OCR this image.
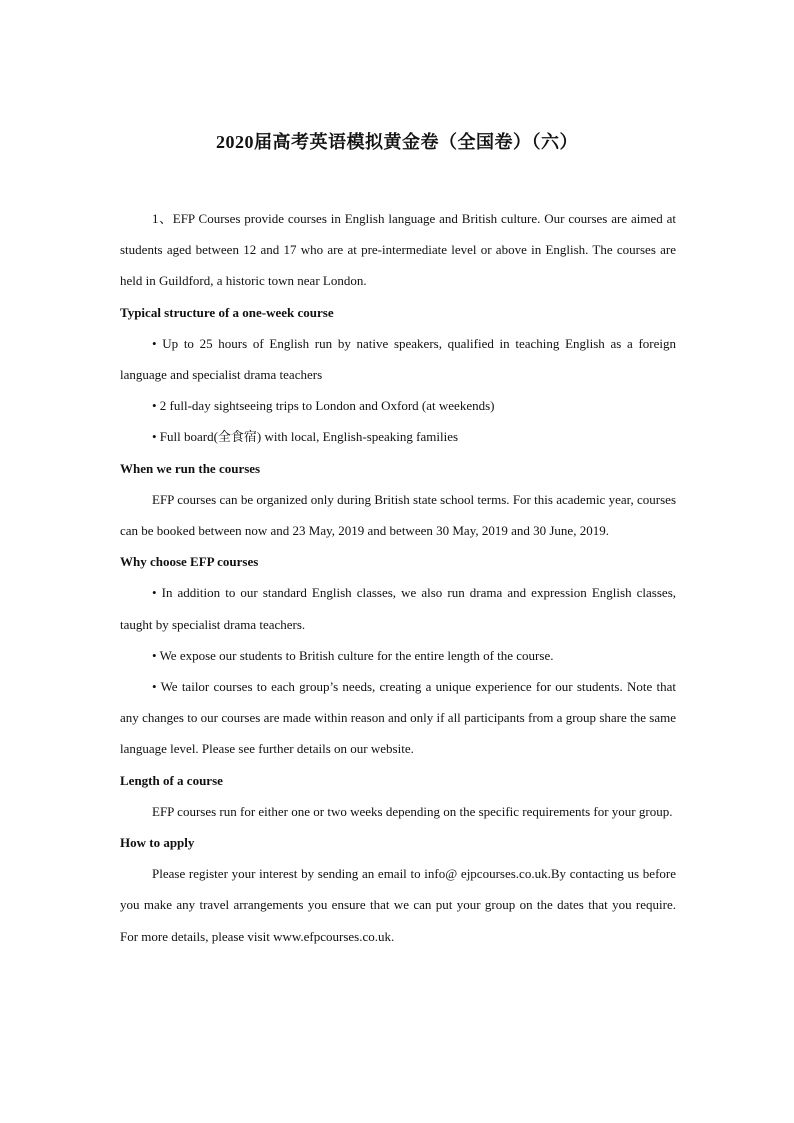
2020届高考英语模拟黄金卷（全国卷）（六）

1、EFP Courses provide courses in English language and British culture. Our courses are aimed at students aged between 12 and 17 who are at pre-intermediate level or above in English. The courses are held in Guildford, a historic town near London.

Typical structure of a one-week course

• Up to 25 hours of English run by native speakers, qualified in teaching English as a foreign language and specialist drama teachers

• 2 full-day sightseeing trips to London and Oxford (at weekends)

• Full board(全食宿) with local, English-speaking families

When we run the courses

EFP courses can be organized only during British state school terms. For this academic year, courses can be booked between now and 23 May, 2019 and between 30 May, 2019 and 30 June, 2019.

Why choose EFP courses

• In addition to our standard English classes, we also run drama and expression English classes, taught by specialist drama teachers.

• We expose our students to British culture for the entire length of the course.

• We tailor courses to each group’s needs, creating a unique experience for our students. Note that any changes to our courses are made within reason and only if all participants from a group share the same language level. Please see further details on our website.

Length of a course

EFP courses run for either one or two weeks depending on the specific requirements for your group.

How to apply

Please register your interest by sending an email to info@ ejpcourses.co.uk.By contacting us before you make any travel arrangements you ensure that we can put your group on the dates that you require. For more details, please visit www.efpcourses.co.uk.
